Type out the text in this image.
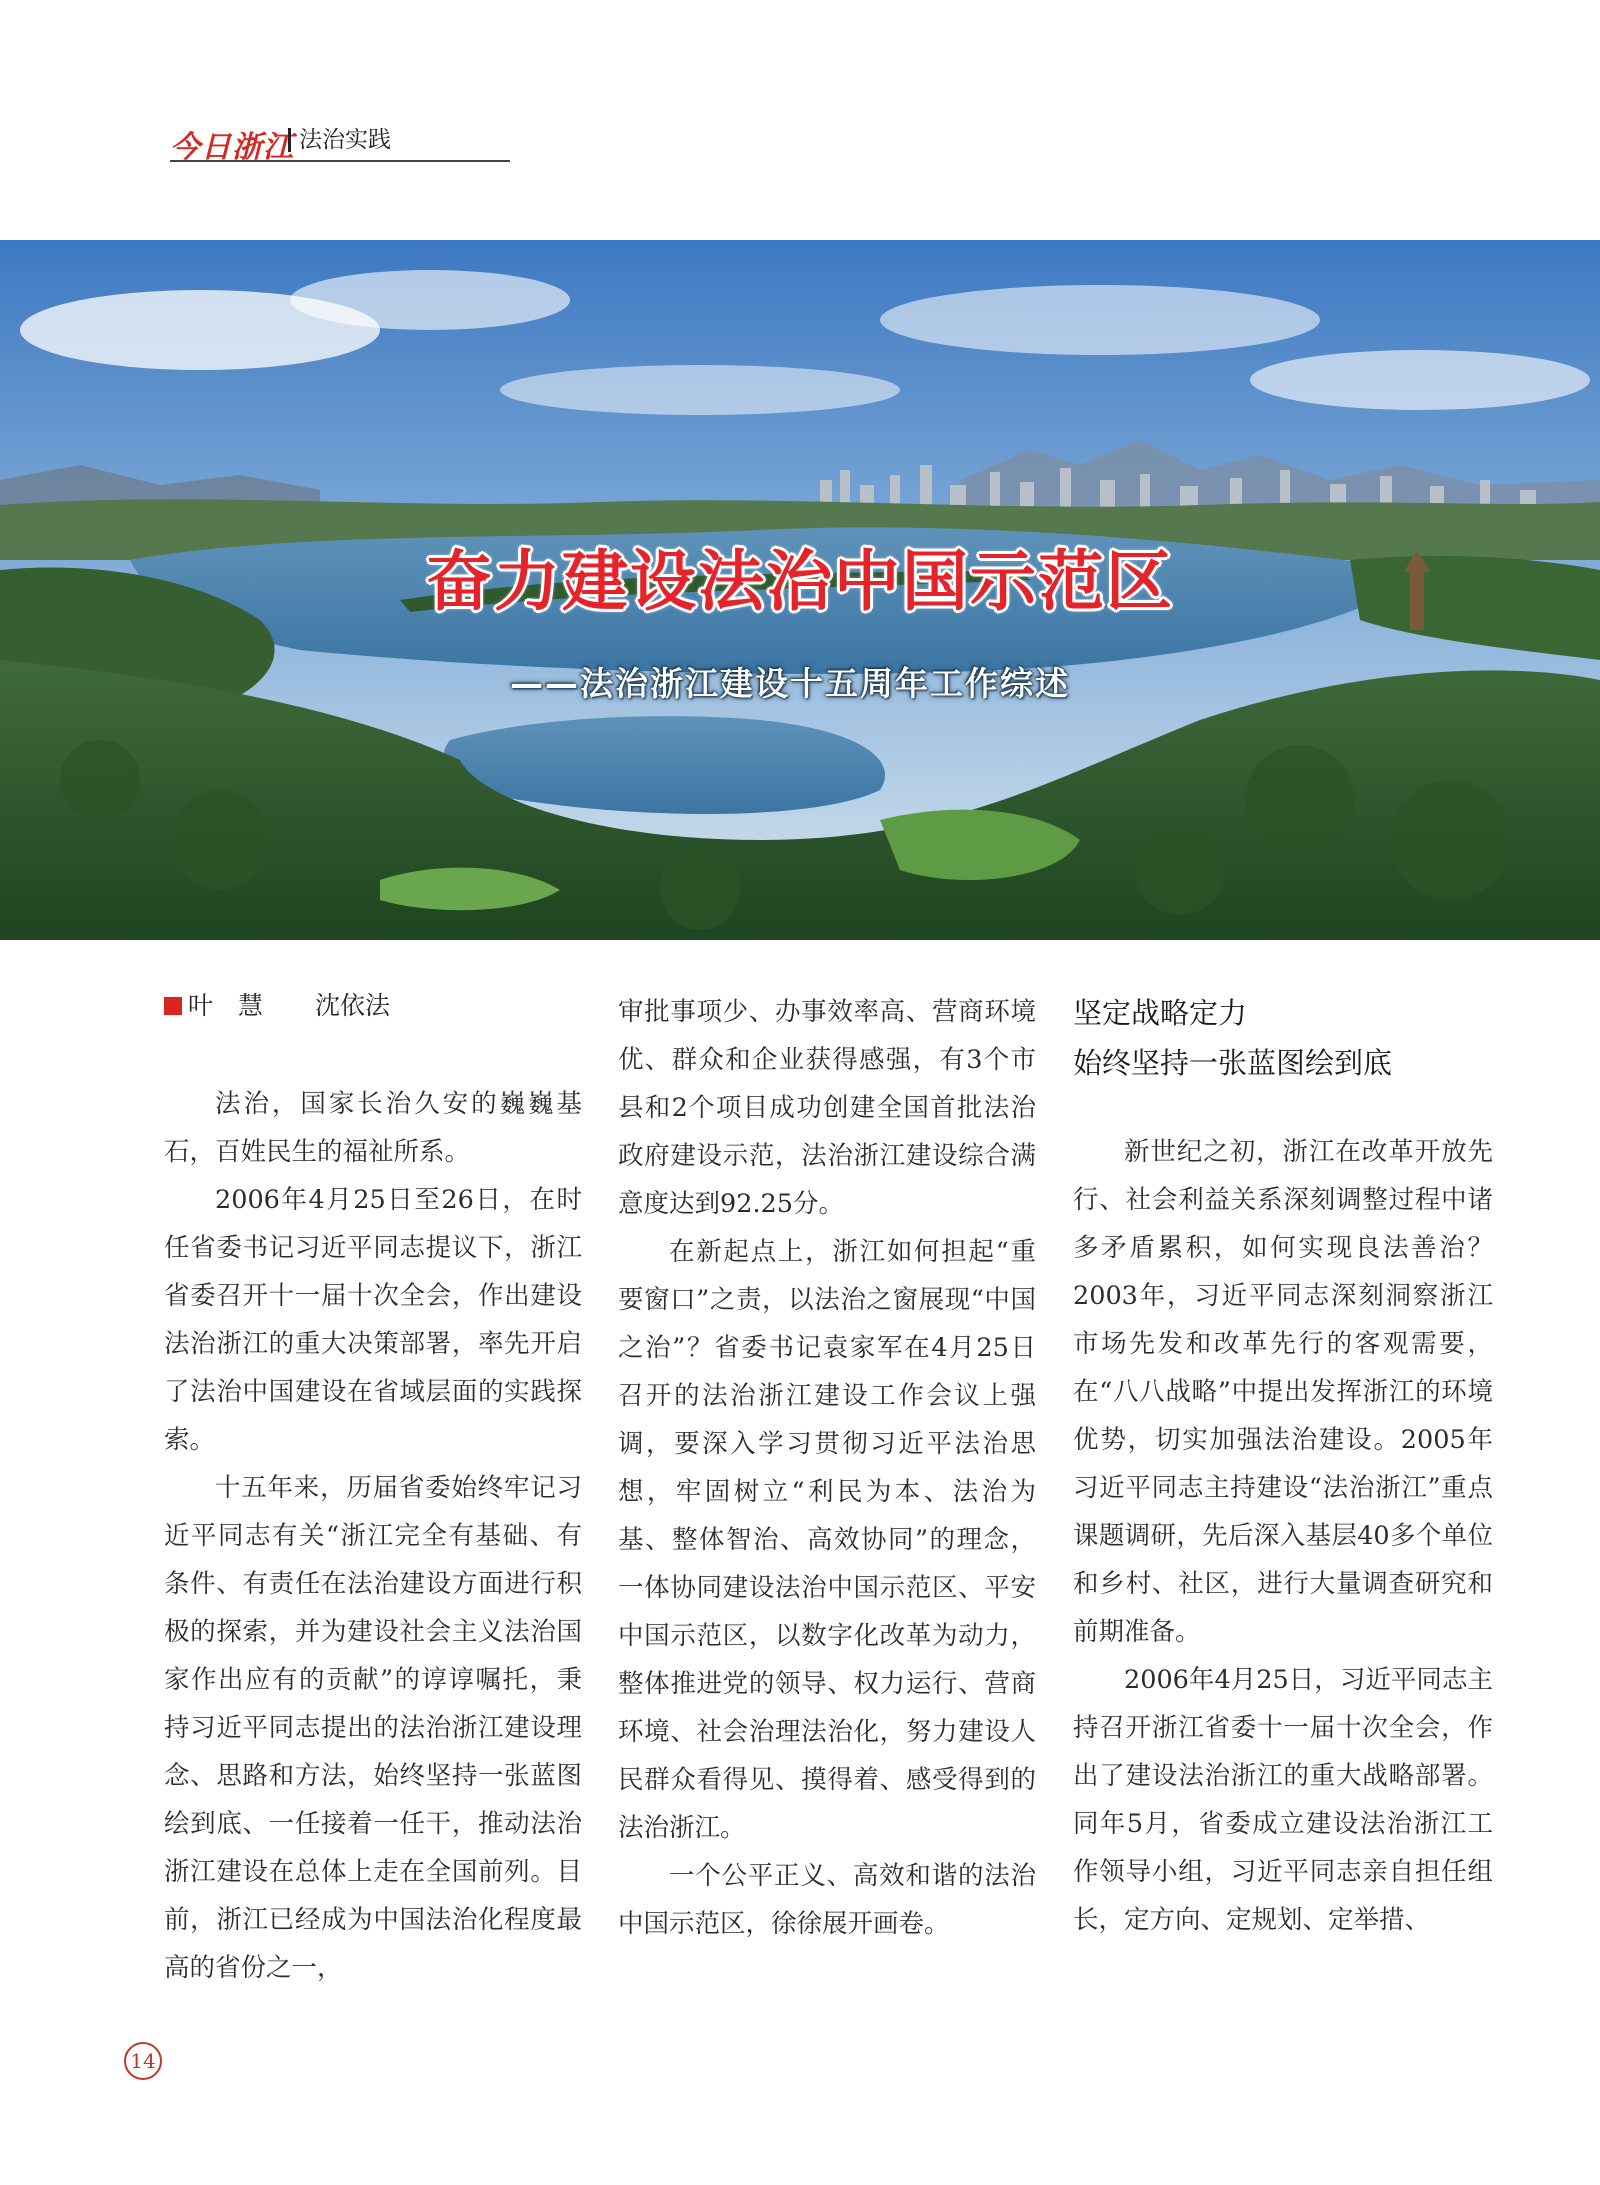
今日浙江 法治实践
奋力建设法治中国示范区
——法治浙江建设十五周年工作综述
叶　慧 沈依法

法治，国家长治久安的巍巍基石，百姓民生的福祉所系。

2006年4月25日至26日，在时任省委书记习近平同志提议下，浙江省委召开十一届十次全会，作出建设法治浙江的重大决策部署，率先开启了法治中国建设在省域层面的实践探索。

十五年来，历届省委始终牢记习近平同志有关“浙江完全有基础、有条件、有责任在法治建设方面进行积极的探索，并为建设社会主义法治国家作出应有的贡献”的谆谆嘱托，秉持习近平同志提出的法治浙江建设理念、思路和方法，始终坚持一张蓝图绘到底、一任接着一任干，推动法治浙江建设在总体上走在全国前列。目前，浙江已经成为中国法治化程度最高的省份之一，

审批事项少、办事效率高、营商环境优、群众和企业获得感强，有3个市县和2个项目成功创建全国首批法治政府建设示范，法治浙江建设综合满意度达到92.25分。

在新起点上，浙江如何担起“重要窗口”之责，以法治之窗展现“中国之治”？省委书记袁家军在4月25日召开的法治浙江建设工作会议上强调，要深入学习贯彻习近平法治思想，牢固树立“利民为本、法治为基、整体智治、高效协同”的理念，一体协同建设法治中国示范区、平安中国示范区，以数字化改革为动力，整体推进党的领导、权力运行、营商环境、社会治理法治化，努力建设人民群众看得见、摸得着、感受得到的法治浙江。

一个公平正义、高效和谐的法治中国示范区，徐徐展开画卷。

坚定战略定力
始终坚持一张蓝图绘到底

新世纪之初，浙江在改革开放先行、社会利益关系深刻调整过程中诸多矛盾累积，如何实现良法善治？2003年，习近平同志深刻洞察浙江市场先发和改革先行的客观需要，在“八八战略”中提出发挥浙江的环境优势，切实加强法治建设。2005年习近平同志主持建设“法治浙江”重点课题调研，先后深入基层40多个单位和乡村、社区，进行大量调查研究和前期准备。

2006年4月25日，习近平同志主持召开浙江省委十一届十次全会，作出了建设法治浙江的重大战略部署。同年5月，省委成立建设法治浙江工作领导小组，习近平同志亲自担任组长，定方向、定规划、定举措、

14
